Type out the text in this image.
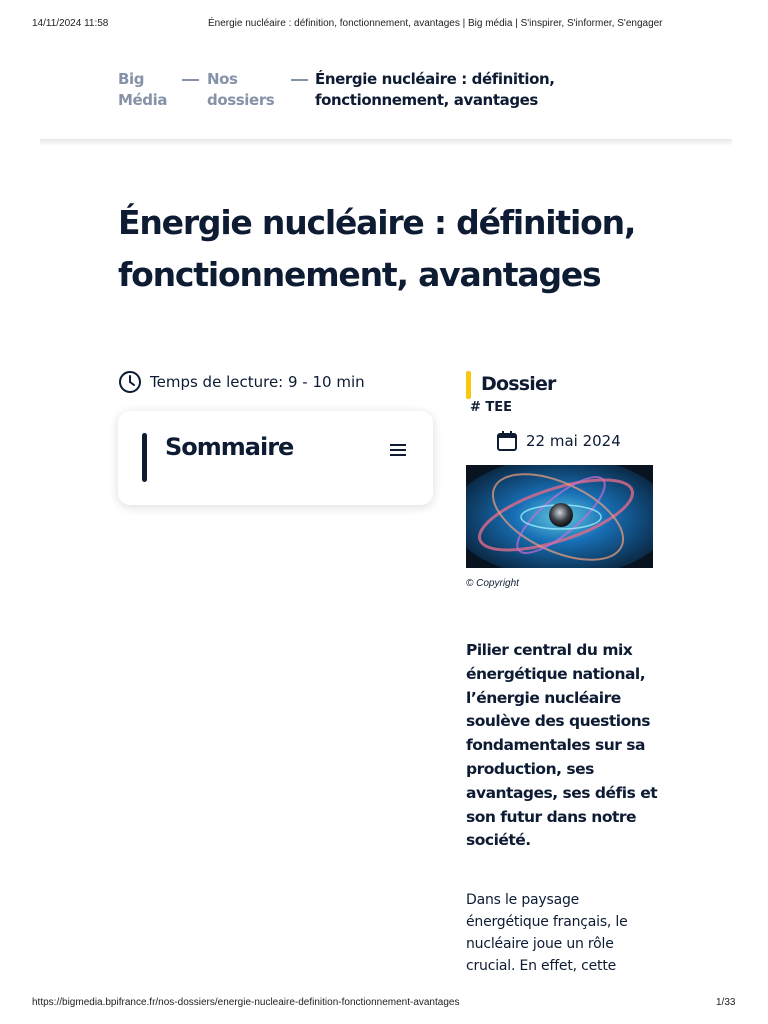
14/11/2024 11:58	Énergie nucléaire : définition, fonctionnement, avantages | Big média | S'inspirer, S'informer, S'engager
Big Média
Nos dossiers
Énergie nucléaire : définition, fonctionnement, avantages
Énergie nucléaire : définition, fonctionnement, avantages
Temps de lecture: 9 - 10 min
Sommaire
Dossier
# TEE
22 mai 2024
© Copyright

Pilier central du mix énergétique national, l’énergie nucléaire soulève des questions fondamentales sur sa production, ses avantages, ses défis et son futur dans notre société.

Dans le paysage énergétique français, le nucléaire joue un rôle crucial. En effet, cette

https://bigmedia.bpifrance.fr/nos-dossiers/energie-nucleaire-definition-fonctionnement-avantages	1/33
